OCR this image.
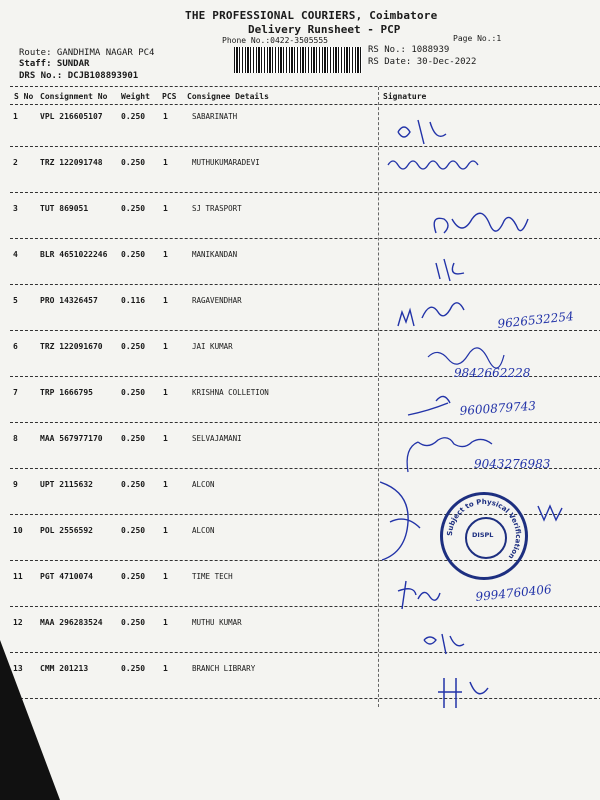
THE PROFESSIONAL COURIERS, Coimbatore
Delivery Runsheet - PCP
Phone No.:0422-3505555	Page No.:1
RS No.: 1088939
RS Date: 30-Dec-2022
Route: GANDHIMA NAGAR PC4
Staff: SUNDAR
DRS No.: DCJB108893901
S No Consignment No Weight PCS Consignee Details	Signature
1	VPL 216605107 0.250 1	SABARINATH
2	TRZ 122091748 0.250 1	MUTHUKUMARADEVI
3	TUT 869051	0.250 1	SJ TRASPORT
4	BLR 4651022246 0.250 1	MANIKANDAN
5	PRO 14326457	0.116 1	RAGAVENDHAR
6	TRZ 122091670 0.250 1	JAI KUMAR
7	TRP 1666795	0.250 1	KRISHNA COLLETION
8	MAA 567977170 0.250 1	SELVAJAMANI
9	UPT 2115632	0.250 1	ALCON
10 POL 2556592	0.250 1	ALCON
11 PGT 4710074	0.250 1	TIME TECH
12 MAA 296283524 0.250 1	MUTHU KUMAR
13 CMM 201213	0.250 1	BRANCH LIBRARY
9626532254
9842662228
9600879743
9043276983
Subject to Physical Verification
DISPL
9994760406
